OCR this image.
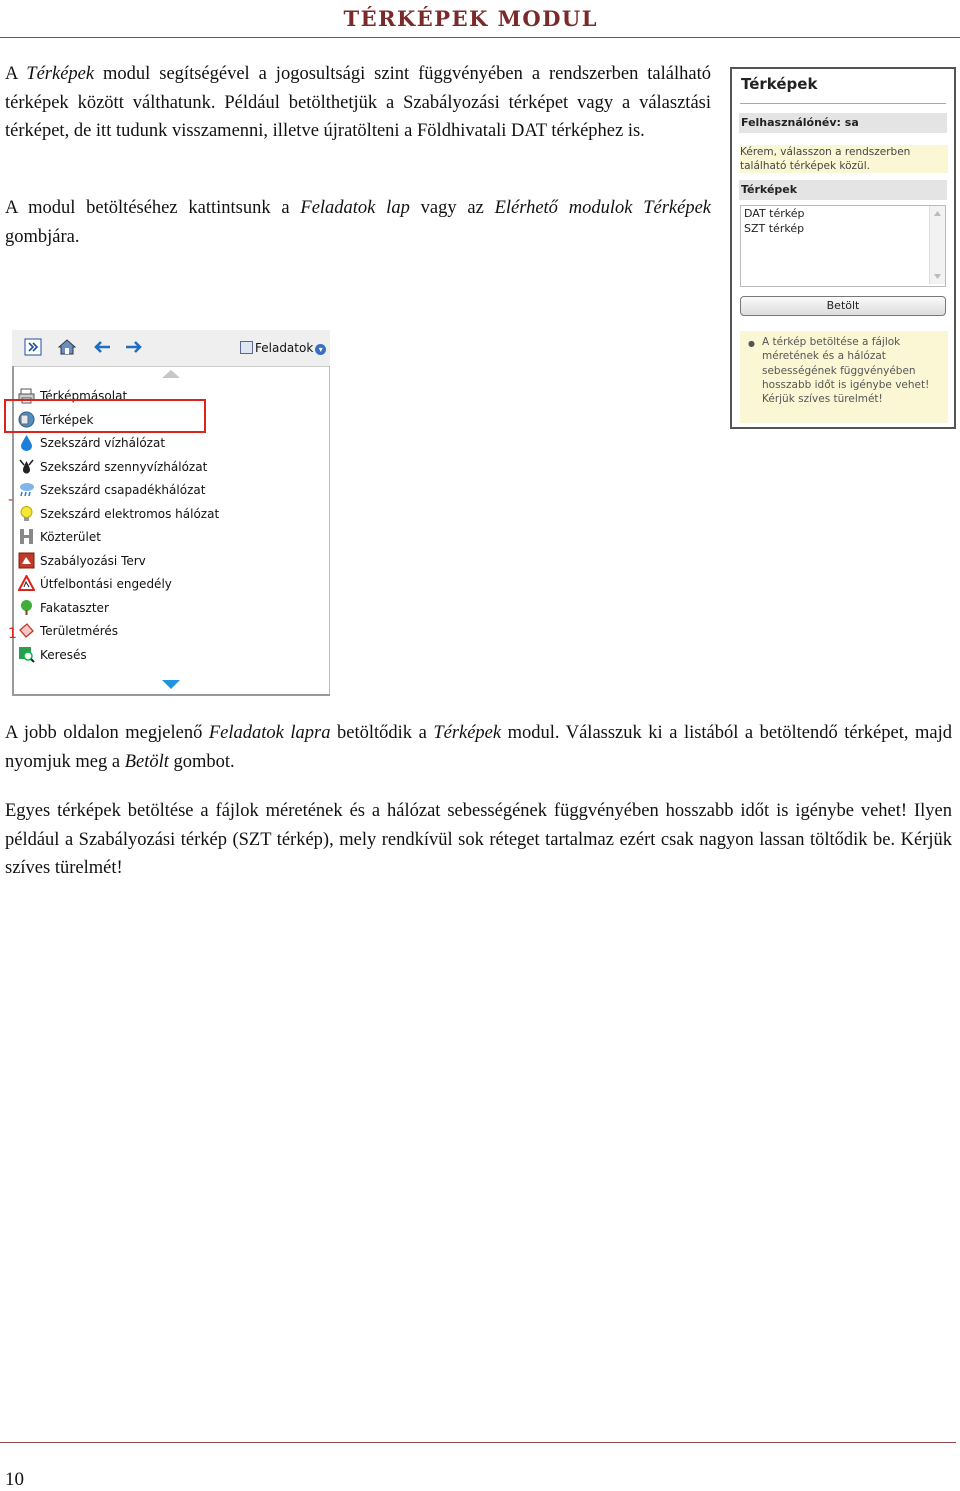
TÉRKÉPEK MODUL
A Térképek modul segítségével a jogosultsági szint függvényében a rendszerben található térképek között válthatunk. Például betölthetjük a Szabályozási térképet vagy a választási térképet, de itt tudunk visszamenni, illetve újratölteni a Földhivatali DAT térképhez is.
A modul betöltéséhez kattintsunk a Feladatok lap vagy az Elérhető modulok Térképek gombjára.
Térképek
Felhasználónév: sa
Kérem, válasszon a rendszerben található térképek közül.
Térképek
DAT térkép
SZT térkép
Betölt
● A térkép betöltése a fájlok méretének és a hálózat sebességének függvényében hosszabb időt is igénybe vehet! Kérjük szíves türelmét!
Feladatok ▾
Térképmásolat
Térképek
Szekszárd vízhálózat
Szekszárd szennyvízhálózat
Szekszárd csapadékhálózat
Szekszárd elektromos hálózat
Közterület
Szabályozási Terv
Útfelbontási engedély
Fakataszter
Területmérés
Keresés
‐
1
A jobb oldalon megjelenő Feladatok lapra betöltődik a Térképek modul. Válasszuk ki a listából a betöltendő térképet, majd nyomjuk meg a Betölt gombot.
Egyes térképek betöltése a fájlok méretének és a hálózat sebességének függvényében hosszabb időt is igénybe vehet! Ilyen például a Szabályozási térkép (SZT térkép), mely rendkívül sok réteget tartalmaz ezért csak nagyon lassan töltődik be. Kérjük szíves türelmét!
10
